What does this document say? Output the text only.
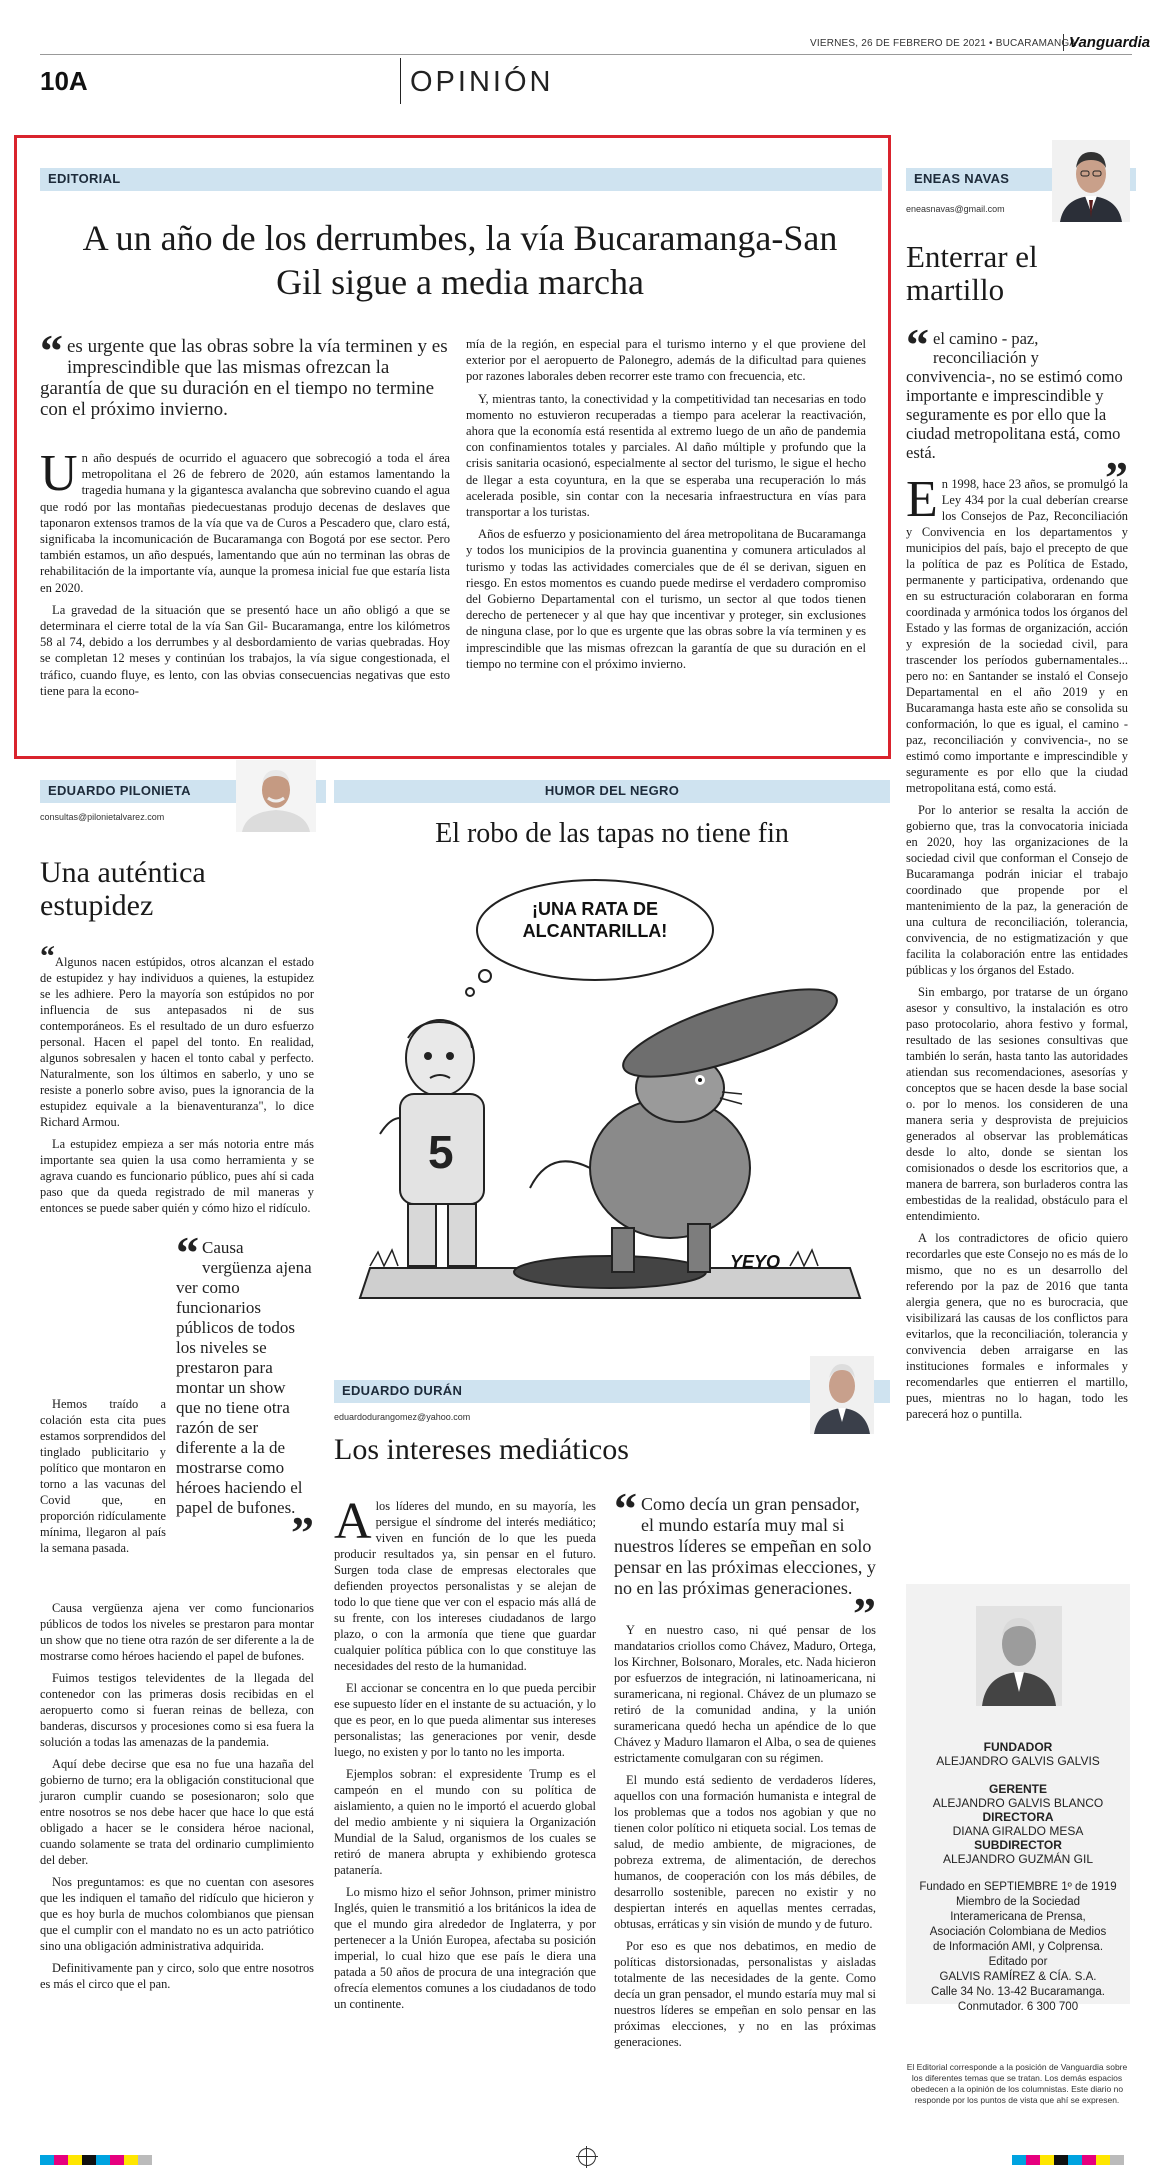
VIERNES, 26 DE FEBRERO DE 2021 • BUCARAMANGA
Vanguardia
10A	OPINIÓN
EDITORIAL
A un año de los derrumbes, la vía Bucaramanga-San Gil sigue a media marcha
“ es urgente que las obras sobre la vía terminen y es imprescindible que las mismas ofrezcan la garantía de que su duración en el tiempo no termine con el próximo invierno.

Un año después de ocurrido el aguacero que sobrecogió a toda el área metropolitana el 26 de febrero de 2020, aún estamos lamentando la tragedia humana y la gigantesca avalancha que sobrevino cuando el agua que rodó por las montañas piedecuestanas produjo decenas de deslaves que taponaron extensos tramos de la vía que va de Curos a Pescadero que, claro está, significaba la incomunicación de Bucaramanga con Bogotá por ese sector. Pero también estamos, un año después, lamentando que aún no terminan las obras de rehabilitación de la importante vía, aunque la promesa inicial fue que estaría lista en 2020.

La gravedad de la situación que se presentó hace un año obligó a que se determinara el cierre total de la vía San Gil- Bucaramanga, entre los kilómetros 58 al 74, debido a los derrumbes y al desbordamiento de varias quebradas. Hoy se completan 12 meses y continúan los trabajos, la vía sigue congestionada, el tráfico, cuando fluye, es lento, con las obvias consecuencias negativas que esto tiene para la econo-

mía de la región, en especial para el turismo interno y el que proviene del exterior por el aeropuerto de Palonegro, además de la dificultad para quienes por razones laborales deben recorrer este tramo con frecuencia, etc.

Y, mientras tanto, la conectividad y la competitividad tan necesarias en todo momento no estuvieron recuperadas a tiempo para acelerar la reactivación, ahora que la economía está resentida al extremo luego de un año de pandemia con confinamientos totales y parciales. Al daño múltiple y profundo que la crisis sanitaria ocasionó, especialmente al sector del turismo, le sigue el hecho de llegar a esta coyuntura, en la que se esperaba una recuperación lo más acelerada posible, sin contar con la necesaria infraestructura en vías para transportar a los turistas.

Años de esfuerzo y posicionamiento del área metropolitana de Bucaramanga y todos los municipios de la provincia guanentina y comunera articulados al turismo y todas las actividades comerciales que de él se derivan, siguen en riesgo. En estos momentos es cuando puede medirse el verdadero compromiso del Gobierno Departamental con el turismo, un sector al que todos tienen derecho de pertenecer y al que hay que incentivar y proteger, sin exclusiones de ninguna clase, por lo que es urgente que las obras sobre la vía terminen y es imprescindible que las mismas ofrezcan la garantía de que su duración en el tiempo no termine con el próximo invierno.

ENEAS NAVAS
eneasnavas@gmail.com
Enterrar el martillo
“ el camino - paz, reconciliación y convivencia-, no se estimó como importante e imprescindible y seguramente es por ello que la ciudad metropolitana está, como está.	”

En 1998, hace 23 años, se promulgó la Ley 434 por la cual deberían crearse los Consejos de Paz, Reconciliación y Convivencia en los departamentos y municipios del país, bajo el precepto de que la política de paz es Política de Estado, permanente y participativa, ordenando que en su estructuración colaboraran en forma coordinada y armónica todos los órganos del Estado y las formas de organización, acción y expresión de la sociedad civil, para trascender los períodos gubernamentales... pero no: en Santander se instaló el Consejo Departamental en el año 2019 y en Bucaramanga hasta este año se consolida su conformación, lo que es igual, el camino - paz, reconciliación y convivencia-, no se estimó como importante e imprescindible y seguramente es por ello que la ciudad metropolitana está, como está.

Por lo anterior se resalta la acción de gobierno que, tras la convocatoria iniciada en 2020, hoy las organizaciones de la sociedad civil que conforman el Consejo de Bucaramanga podrán iniciar el trabajo coordinado que propende por el mantenimiento de la paz, la generación de una cultura de reconciliación, tolerancia, convivencia, de no estigmatización y que facilita la colaboración entre las entidades públicas y los órganos del Estado.

Sin embargo, por tratarse de un órgano asesor y consultivo, la instalación es otro paso protocolario, ahora festivo y formal, resultado de las sesiones consultivas que también lo serán, hasta tanto las autoridades atiendan sus recomendaciones, asesorías y conceptos que se hacen desde la base social o. por lo menos. los consideren de una manera seria y desprovista de prejuicios generados al observar las problemáticas desde lo alto, donde se sientan los comisionados o desde los escritorios que, a manera de barrera, son burladeros contra las embestidas de la realidad, obstáculo para el entendimiento.

A los contradictores de oficio quiero recordarles que este Consejo no es más de lo mismo, que no es un desarrollo del referendo por la paz de 2016 que tanta alergia genera, que no es burocracia, que visibilizará las causas de los conflictos para evitarlos, que la reconciliación, tolerancia y convivencia deben arraigarse en las instituciones formales e informales y recomendarles que entierren el martillo, pues, mientras no lo hagan, todo les parecerá hoz o puntilla.

EDUARDO PILONIETA
consultas@pilonietalvarez.com
Una auténtica estupidez

“Algunos nacen estúpidos, otros alcanzan el estado de estupidez y hay individuos a quienes, la estupidez se les adhiere. Pero la mayoría son estúpidos no por influencia de sus antepasados ni de sus contemporáneos. Es el resultado de un duro esfuerzo personal. Hacen el papel del tonto. En realidad, algunos sobresalen y hacen el tonto cabal y perfecto. Naturalmente, son los últimos en saberlo, y uno se resiste a ponerlo sobre aviso, pues la ignorancia de la estupidez equivale a la bienaventuranza", lo dice Richard Armou.

La estupidez empieza a ser más notoria entre más importante sea quien la usa como herramienta y se agrava cuando es funcionario público, pues ahí si cada paso que da queda registrado de mil maneras y entonces se puede saber quién y cómo hizo el ridículo.

“ Causa vergüenza ajena ver como funcionarios públicos de todos los niveles se prestaron para montar un show que no tiene otra razón de ser diferente a la de mostrarse como héroes haciendo el papel de bufones.
”

Hemos traído a colación esta cita pues estamos sorprendidos del tinglado publicitario y político que montaron en torno a las vacunas del Covid que, en proporción ridículamente mínima, llegaron al país la semana pasada.

Causa vergüenza ajena ver como funcionarios públicos de todos los niveles se prestaron para montar un show que no tiene otra razón de ser diferente a la de mostrarse como héroes haciendo el papel de bufones.

Fuimos testigos televidentes de la llegada del contenedor con las primeras dosis recibidas en el aeropuerto como si fueran reinas de belleza, con banderas, discursos y procesiones como si esa fuera la solución a todas las amenazas de la pandemia.

Aquí debe decirse que esa no fue una hazaña del gobierno de turno; era la obligación constitucional que juraron cumplir cuando se posesionaron; solo que entre nosotros se nos debe hacer que hace lo que está obligado a hacer se le considera héroe nacional, cuando solamente se trata del ordinario cumplimiento del deber.

Nos preguntamos: es que no cuentan con asesores que les indiquen el tamaño del ridículo que hicieron y que es hoy burla de muchos colombianos que piensan que el cumplir con el mandato no es un acto patriótico sino una obligación administrativa adquirida.

Definitivamente pan y circo, solo que entre nosotros es más el circo que el pan.

HUMOR DEL NEGRO
El robo de las tapas no tiene fin
5
¡UNA RATA DE ALCANTARILLA!
YEYO
EDUARDO DURÁN
eduardodurangomez@yahoo.com
Los intereses mediáticos

Alos líderes del mundo, en su mayoría, les persigue el síndrome del interés mediático; viven en función de lo que les pueda producir resultados ya, sin pensar en el futuro. Surgen toda clase de empresas electorales que defienden proyectos personalistas y se alejan de todo lo que tiene que ver con el espacio más allá de su frente, con los intereses ciudadanos de largo plazo, o con la armonía que tiene que guardar cualquier política pública con lo que constituye las necesidades del resto de la humanidad.

El accionar se concentra en lo que pueda percibir ese supuesto líder en el instante de su actuación, y lo que es peor, en lo que pueda alimentar sus intereses personalistas; las generaciones por venir, desde luego, no existen y por lo tanto no les importa.

Ejemplos sobran: el expresidente Trump es el campeón en el mundo con su política de aislamiento, a quien no le importó el acuerdo global del medio ambiente y ni siquiera la Organización Mundial de la Salud, organismos de los cuales se retiró de manera abrupta y exhibiendo grotesca patanería.

Lo mismo hizo el señor Johnson, primer ministro Inglés, quien le transmitió a los británicos la idea de que el mundo gira alrededor de Inglaterra, y por pertenecer a la Unión Europea, afectaba su posición imperial, lo cual hizo que ese país le diera una patada a 50 años de procura de una integración que ofrecía elementos comunes a los ciudadanos de todo un continente.

“ Como decía un gran pensador, el mundo estaría muy mal si nuestros líderes se empeñan en solo pensar en las próximas elecciones, y no en las próximas generaciones. ”

Y en nuestro caso, ni qué pensar de los mandatarios criollos como Chávez, Maduro, Ortega, los Kirchner, Bolsonaro, Morales, etc. Nada hicieron por esfuerzos de integración, ni latinoamericana, ni suramericana, ni regional. Chávez de un plumazo se retiró de la comunidad andina, y la unión suramericana quedó hecha un apéndice de lo que Chávez y Maduro llamaron el Alba, o sea de quienes estrictamente comulgaran con su régimen.

El mundo está sediento de verdaderos líderes, aquellos con una formación humanista e integral de los problemas que a todos nos agobian y que no tienen color político ni etiqueta social. Los temas de salud, de medio ambiente, de migraciones, de pobreza extrema, de alimentación, de derechos humanos, de cooperación con los más débiles, de desarrollo sostenible, parecen no existir y no despiertan interés en aquellas mentes cerradas, obtusas, erráticas y sin visión de mundo y de futuro.

Por eso es que nos debatimos, en medio de políticas distorsionadas, personalistas y aisladas totalmente de las necesidades de la gente. Como decía un gran pensador, el mundo estaría muy mal si nuestros líderes se empeñan en solo pensar en las próximas elecciones, y no en las próximas generaciones.

FUNDADOR
ALEJANDRO GALVIS GALVIS
GERENTE
ALEJANDRO GALVIS BLANCO
DIRECTORA
DIANA GIRALDO MESA
SUBDIRECTOR
ALEJANDRO GUZMÁN GIL
Fundado en SEPTIEMBRE 1º de 1919
Miembro de la Sociedad
Interamericana de Prensa,
Asociación Colombiana de Medios
de Información AMI, y Colprensa.
Editado por
GALVIS RAMÍREZ & CÍA. S.A.
Calle 34 No. 13-42 Bucaramanga.
Conmutador. 6 300 700
El Editorial corresponde a la posición de Vanguardia sobre los diferentes temas que se tratan. Los demás espacios obedecen a la opinión de los columnistas. Este diario no responde por los puntos de vista que ahí se expresen.
